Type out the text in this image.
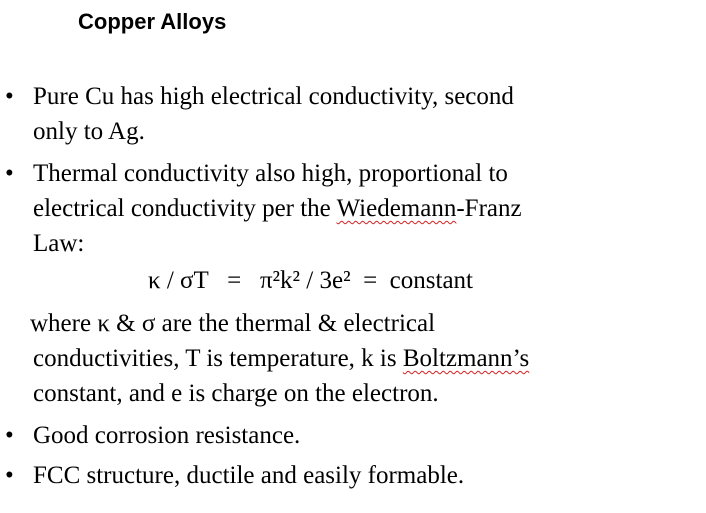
Copper Alloys
• Pure Cu has high electrical conductivity, second
only to Ag.
• Thermal conductivity also high, proportional to
electrical conductivity per the Wiedemann-Franz
Law:
κ / σT   =   π²k² / 3e²  =  constant
where κ & σ are the thermal & electrical
conductivities, T is temperature, k is Boltzmann’s
constant, and e is charge on the electron.
• Good corrosion resistance.
• FCC structure, ductile and easily formable.
